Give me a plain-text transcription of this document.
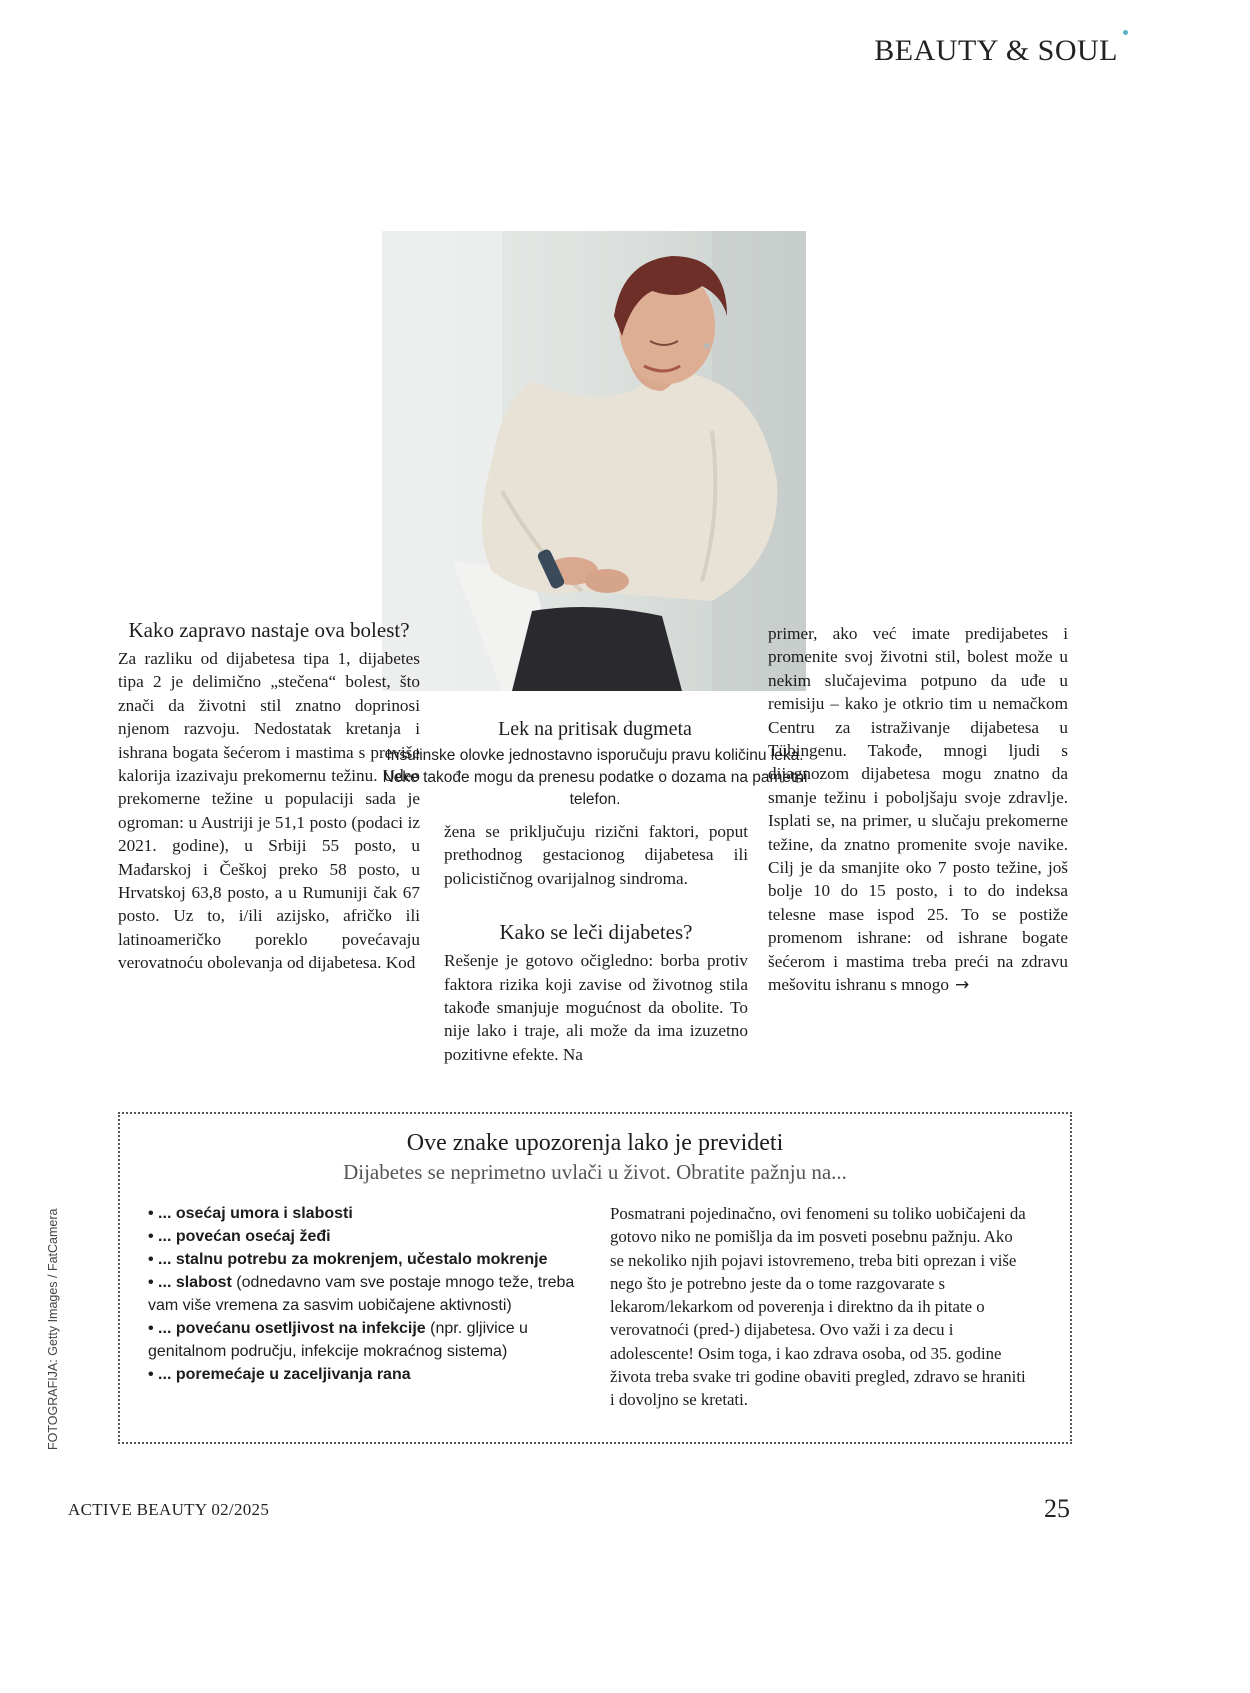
BEAUTY & SOUL
Lek na pritisak dugmeta

Insulinske olovke jednostavno isporučuju pravu količinu leka. Neke takođe mogu da prenesu podatke o dozama na pametni telefon.

Kako zapravo nastaje ova bolest?

Za razliku od dijabetesa tipa 1, dijabetes tipa 2 je delimično „stečena“ bolest, što znači da životni stil znatno doprinosi njenom razvoju. Nedostatak kretanja i ishrana bogata šećerom i mastima s previše kalorija izazivaju prekomernu težinu. Udeo prekomerne težine u populaciji sada je ogroman: u Austriji je 51,1 posto (podaci iz 2021. godine), u Srbiji 55 posto, u Mađarskoj i Češkoj preko 58 posto, u Hrvatskoj 63,8 posto, a u Rumuniji čak 67 posto. Uz to, i/ili azijsko, afričko ili latinoameričko poreklo povećavaju verovatnoću obolevanja od dijabetesa. Kod

žena se priključuju rizični faktori, poput prethodnog gestacionog dijabetesa ili policističnog ovarijalnog sindroma.

Kako se leči dijabetes?

Rešenje je gotovo očigledno: borba protiv faktora rizika koji zavise od životnog stila takođe smanjuje mogućnost da obolite. To nije lako i traje, ali može da ima izuzetno pozitivne efekte. Na

primer, ako već imate predijabetes i promenite svoj životni stil, bolest može u nekim slučajevima potpuno da uđe u remisiju – kako je otkrio tim u nemačkom Centru za istraživanje dijabetesa u Tübingenu. Takođe, mnogi ljudi s dijagnozom dijabetesa mogu znatno da smanje težinu i poboljšaju svoje zdravlje. Isplati se, na primer, u slučaju prekomerne težine, da znatno promenite svoje navike. Cilj je da smanjite oko 7 posto težine, još bolje 10 do 15 posto, i to do indeksa telesne mase ispod 25. To se postiže promenom ishrane: od ishrane bogate šećerom i mastima treba preći na zdravu mešovitu ishranu s mnogo →

Ove znake upozorenja lako je prevideti

Dijabetes se neprimetno uvlači u život. Obratite pažnju na...

• ... osećaj umora i slabosti
• ... povećan osećaj žeđi
• ... stalnu potrebu za mokrenjem, učestalo mokrenje
• ... slabost (odnedavno vam sve postaje mnogo teže, treba vam više vremena za sasvim uobičajene aktivnosti)
• ... povećanu osetljivost na infekcije (npr. gljivice u genitalnom području, infekcije mokraćnog sistema)
• ... poremećaje u zaceljivanja rana

Posmatrani pojedinačno, ovi fenomeni su toliko uobičajeni da gotovo niko ne pomišlja da im posveti posebnu pažnju. Ako se nekoliko njih pojavi istovremeno, treba biti oprezan i više nego što je potrebno jeste da o tome razgovarate s lekarom/lekarkom od poverenja i direktno da ih pitate o verovatnoći (pred-) dijabetesa. Ovo važi i za decu i adolescente! Osim toga, i kao zdrava osoba, od 35. godine života treba svake tri godine obaviti pregled, zdravo se hraniti i dovoljno se kretati.

FOTOGRAFIJA: Getty Images / FatCamera
ACTIVE BEAUTY 02/2025	25
